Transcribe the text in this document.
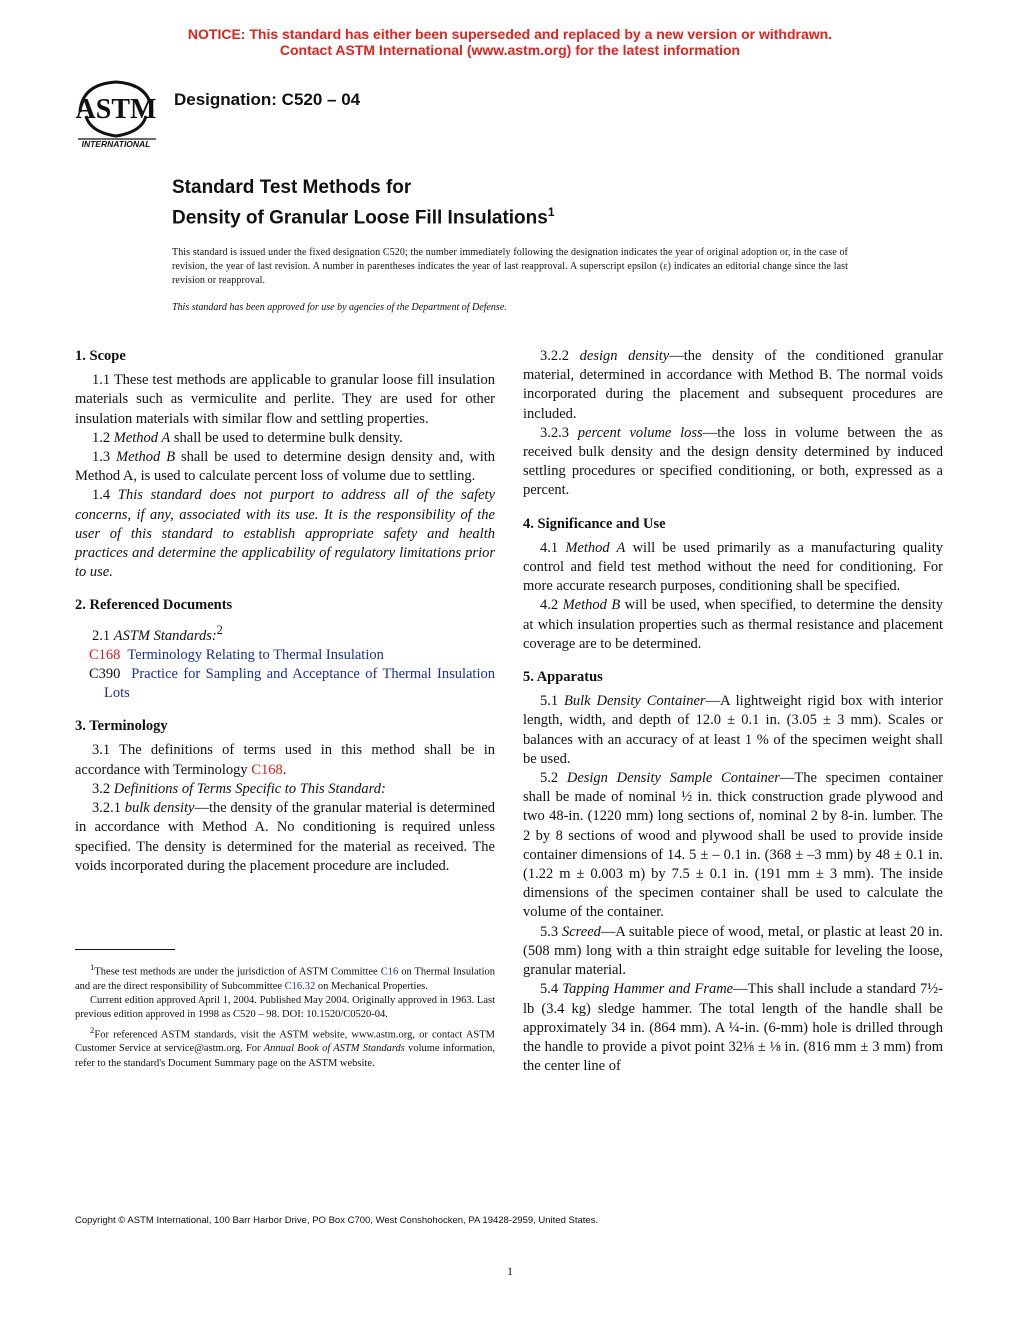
NOTICE: This standard has either been superseded and replaced by a new version or withdrawn.
Contact ASTM International (www.astm.org) for the latest information
ASTM
INTERNATIONAL
Designation: C520 – 04
Standard Test Methods for
Density of Granular Loose Fill Insulations$^1$
This standard is issued under the fixed designation C520; the number immediately following the designation indicates the year of original adoption or, in the case of revision, the year of last revision. A number in parentheses indicates the year of last reapproval. A superscript epsilon (ε) indicates an editorial change since the last revision or reapproval.
This standard has been approved for use by agencies of the Department of Defense.
1. Scope

1.1 These test methods are applicable to granular loose fill insulation materials such as vermiculite and perlite. They are used for other insulation materials with similar flow and settling properties.

1.2 Method A shall be used to determine bulk density.

1.3 Method B shall be used to determine design density and, with Method A, is used to calculate percent loss of volume due to settling.

1.4 This standard does not purport to address all of the safety concerns, if any, associated with its use. It is the responsibility of the user of this standard to establish appropriate safety and health practices and determine the applicability of regulatory limitations prior to use.

2. Referenced Documents

2.1 ASTM Standards:$^2$

C168 Terminology Relating to Thermal Insulation

C390 Practice for Sampling and Acceptance of Thermal Insulation Lots

3. Terminology

3.1 The definitions of terms used in this method shall be in accordance with Terminology C168.

3.2 Definitions of Terms Specific to This Standard:

3.2.1 bulk density—the density of the granular material is determined in accordance with Method A. No conditioning is required unless specified. The density is determined for the material as received. The voids incorporated during the placement procedure are included.

$^1$These test methods are under the jurisdiction of ASTM Committee C16 on Thermal Insulation and are the direct responsibility of Subcommittee C16.32 on Mechanical Properties.

Current edition approved April 1, 2004. Published May 2004. Originally approved in 1963. Last previous edition approved in 1998 as C520 – 98. DOI: 10.1520/C0520-04.

$^2$For referenced ASTM standards, visit the ASTM website, www.astm.org, or contact ASTM Customer Service at service@astm.org. For Annual Book of ASTM Standards volume information, refer to the standard's Document Summary page on the ASTM website.

3.2.2 design density—the density of the conditioned granular material, determined in accordance with Method B. The normal voids incorporated during the placement and subsequent procedures are included.

3.2.3 percent volume loss—the loss in volume between the as received bulk density and the design density determined by induced settling procedures or specified conditioning, or both, expressed as a percent.

4. Significance and Use

4.1 Method A will be used primarily as a manufacturing quality control and field test method without the need for conditioning. For more accurate research purposes, conditioning shall be specified.

4.2 Method B will be used, when specified, to determine the density at which insulation properties such as thermal resistance and placement coverage are to be determined.

5. Apparatus

5.1 Bulk Density Container—A lightweight rigid box with interior length, width, and depth of 12.0 ± 0.1 in. (3.05 ± 3 mm). Scales or balances with an accuracy of at least 1 % of the specimen weight shall be used.

5.2 Design Density Sample Container—The specimen container shall be made of nominal ½ in. thick construction grade plywood and two 48-in. (1220 mm) long sections of, nominal 2 by 8-in. lumber. The 2 by 8 sections of wood and plywood shall be used to provide inside container dimensions of 14. 5 ± – 0.1 in. (368 ± –3 mm) by 48 ± 0.1 in. (1.22 m ± 0.003 m) by 7.5 ± 0.1 in. (191 mm ± 3 mm). The inside dimensions of the specimen container shall be used to calculate the volume of the container.

5.3 Screed—A suitable piece of wood, metal, or plastic at least 20 in. (508 mm) long with a thin straight edge suitable for leveling the loose, granular material.

5.4 Tapping Hammer and Frame—This shall include a standard 7½-lb (3.4 kg) sledge hammer. The total length of the handle shall be approximately 34 in. (864 mm). A ¼-in. (6-mm) hole is drilled through the handle to provide a pivot point 32⅛ ± ⅛ in. (816 mm ± 3 mm) from the center line of

Copyright © ASTM International, 100 Barr Harbor Drive, PO Box C700, West Conshohocken, PA 19428-2959, United States.
1
